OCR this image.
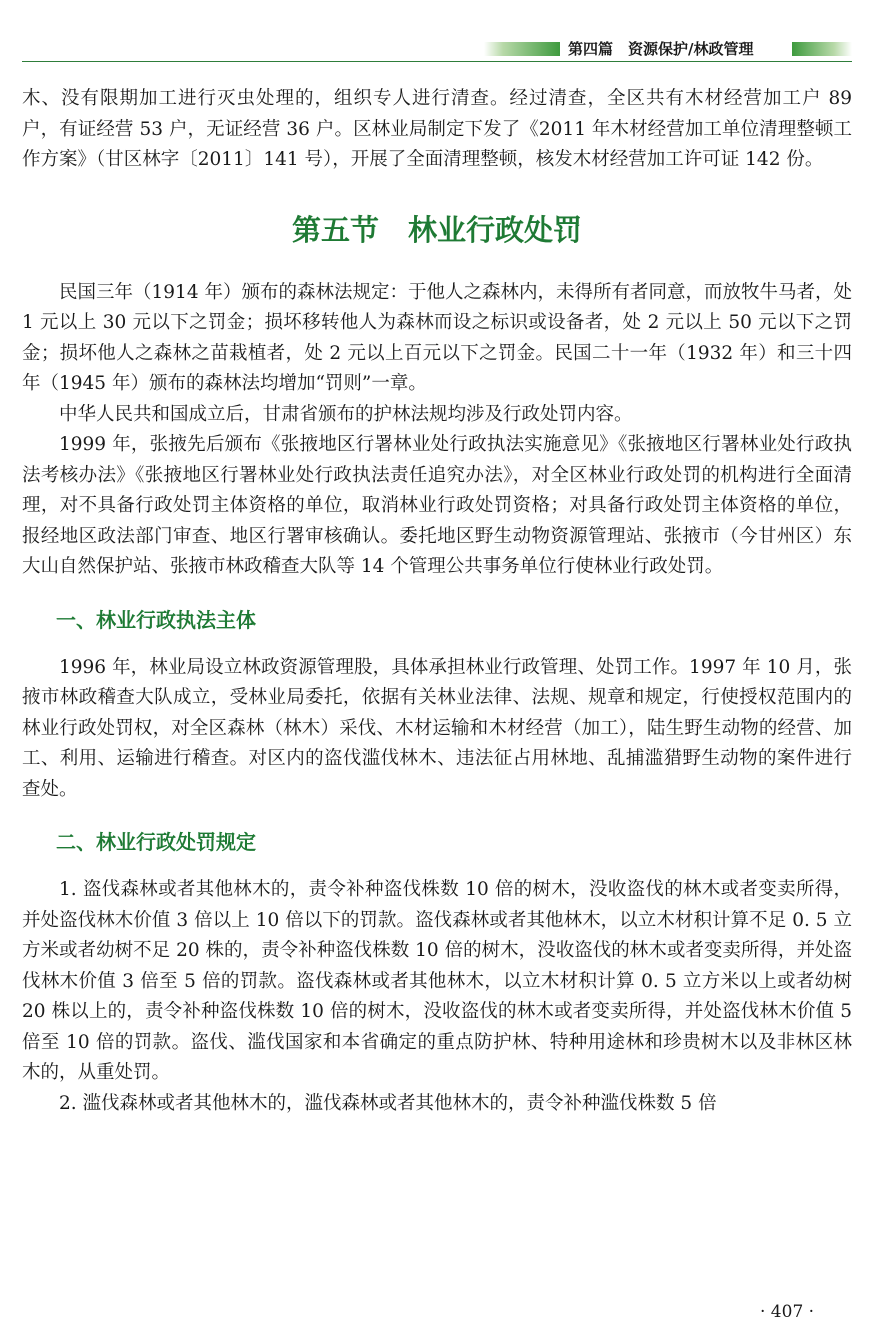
第四篇　资源保护/林政管理

木、没有限期加工进行灭虫处理的，组织专人进行清查。经过清查，全区共有木材经营加工户 89 户，有证经营 53 户，无证经营 36 户。区林业局制定下发了《2011 年木材经营加工单位清理整顿工作方案》（甘区林字〔2011〕141 号），开展了全面清理整顿，核发木材经营加工许可证 142 份。

第五节　林业行政处罚

民国三年（1914 年）颁布的森林法规定：于他人之森林内，未得所有者同意，而放牧牛马者，处 1 元以上 30 元以下之罚金；损坏移转他人为森林而设之标识或设备者，处 2 元以上 50 元以下之罚金；损坏他人之森林之苗栽植者，处 2 元以上百元以下之罚金。民国二十一年（1932 年）和三十四年（1945 年）颁布的森林法均增加“罚则”一章。

中华人民共和国成立后，甘肃省颁布的护林法规均涉及行政处罚内容。

1999 年，张掖先后颁布《张掖地区行署林业处行政执法实施意见》《张掖地区行署林业处行政执法考核办法》《张掖地区行署林业处行政执法责任追究办法》，对全区林业行政处罚的机构进行全面清理，对不具备行政处罚主体资格的单位，取消林业行政处罚资格；对具备行政处罚主体资格的单位，报经地区政法部门审查、地区行署审核确认。委托地区野生动物资源管理站、张掖市（今甘州区）东大山自然保护站、张掖市林政稽查大队等 14 个管理公共事务单位行使林业行政处罚。

一、林业行政执法主体

1996 年，林业局设立林政资源管理股，具体承担林业行政管理、处罚工作。1997 年 10 月，张掖市林政稽查大队成立，受林业局委托，依据有关林业法律、法规、规章和规定，行使授权范围内的林业行政处罚权，对全区森林（林木）采伐、木材运输和木材经营（加工），陆生野生动物的经营、加工、利用、运输进行稽查。对区内的盗伐滥伐林木、违法征占用林地、乱捕滥猎野生动物的案件进行查处。

二、林业行政处罚规定

1. 盗伐森林或者其他林木的，责令补种盗伐株数 10 倍的树木，没收盗伐的林木或者变卖所得，并处盗伐林木价值 3 倍以上 10 倍以下的罚款。盗伐森林或者其他林木，以立木材积计算不足 0. 5 立方米或者幼树不足 20 株的，责令补种盗伐株数 10 倍的树木，没收盗伐的林木或者变卖所得，并处盗伐林木价值 3 倍至 5 倍的罚款。盗伐森林或者其他林木，以立木材积计算 0. 5 立方米以上或者幼树 20 株以上的，责令补种盗伐株数 10 倍的树木，没收盗伐的林木或者变卖所得，并处盗伐林木价值 5 倍至 10 倍的罚款。盗伐、滥伐国家和本省确定的重点防护林、特种用途林和珍贵树木以及非林区林木的，从重处罚。

2. 滥伐森林或者其他林木的，滥伐森林或者其他林木的，责令补种滥伐株数 5 倍

· 407 ·
